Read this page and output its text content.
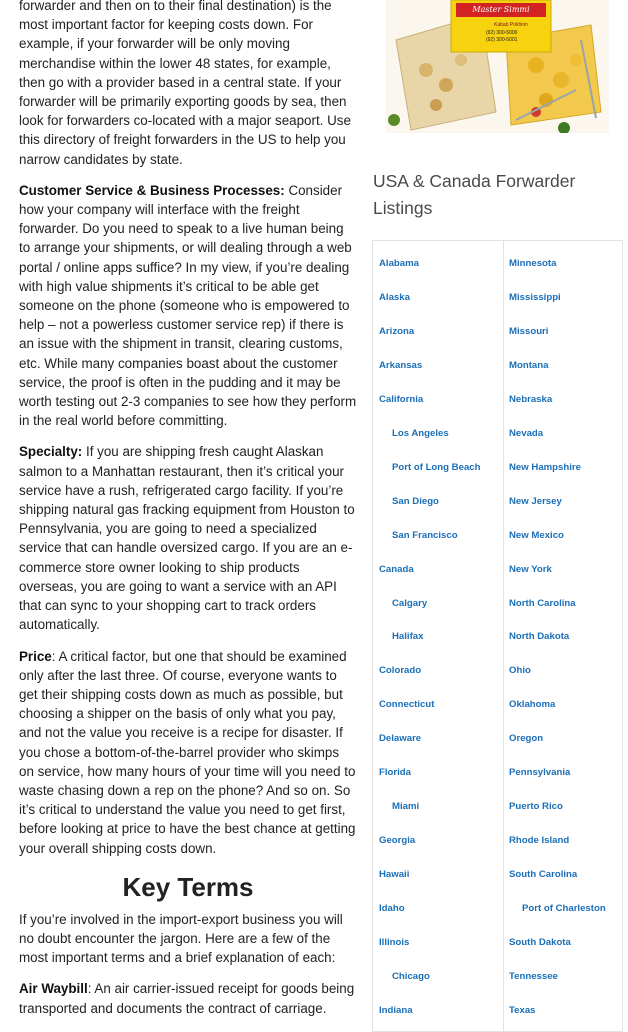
forwarder and then on to their final destination) is the most important factor for keeping costs down. For example, if your forwarder will be only moving merchandise within the lower 48 states, for example, then go with a provider based in a central state. If your forwarder will be primarily exporting goods by sea, then look for forwarders co-located with a major seaport. Use this directory of freight forwarders in the US to help you narrow candidates by state.

Customer Service & Business Processes: Consider how your company will interface with the freight forwarder. Do you need to speak to a live human being to arrange your shipments, or will dealing through a web portal / online apps suffice? In my view, if you’re dealing with high value shipments it’s critical to be able get someone on the phone (someone who is empowered to help – not a powerless customer service rep) if there is an issue with the shipment in transit, clearing customs, etc. While many companies boast about the customer service, the proof is often in the pudding and it may be worth testing out 2-3 companies to see how they perform in the real world before committing.

Specialty: If you are shipping fresh caught Alaskan salmon to a Manhattan restaurant, then it’s critical your service have a rush, refrigerated cargo facility. If you’re shipping natural gas fracking equipment from Houston to Pennsylvania, you are going to need a specialized service that can handle oversized cargo. If you are an e-commerce store owner looking to ship products overseas, you are going to want a service with an API that can sync to your shopping cart to track orders automatically.

Price: A critical factor, but one that should be examined only after the last three. Of course, everyone wants to get their shipping costs down as much as possible, but choosing a shipper on the basis of only what you pay, and not the value you receive is a recipe for disaster. If you chose a bottom-of-the-barrel provider who skimps on service, how many hours of your time will you need to waste chasing down a rep on the phone? And so on. So it’s critical to understand the value you need to get first, before looking at price to have the best chance at getting your overall shipping costs down.

Key Terms

If you’re involved in the import-export business you will no doubt encounter the jargon. Here are a few of the most important terms and a brief explanation of each:

Air Waybill: An air carrier-issued receipt for goods being transported and documents the contract of carriage.

Master Simmi
Kabab Pokhion
(92) 300-5000
(92) 300-5001
USA & Canada Forwarder Listings
Alabama
Alaska
Arizona
Arkansas
California
Los Angeles
Port of Long Beach
San Diego
San Francisco
Canada
Calgary
Halifax
Colorado
Connecticut
Delaware
Florida
Miami
Georgia
Hawaii
Idaho
Illinois
Chicago
Indiana
Minnesota
Mississippi
Missouri
Montana
Nebraska
Nevada
New Hampshire
New Jersey
New Mexico
New York
North Carolina
North Dakota
Ohio
Oklahoma
Oregon
Pennsylvania
Puerto Rico
Rhode Island
South Carolina
Port of Charleston
South Dakota
Tennessee
Texas
